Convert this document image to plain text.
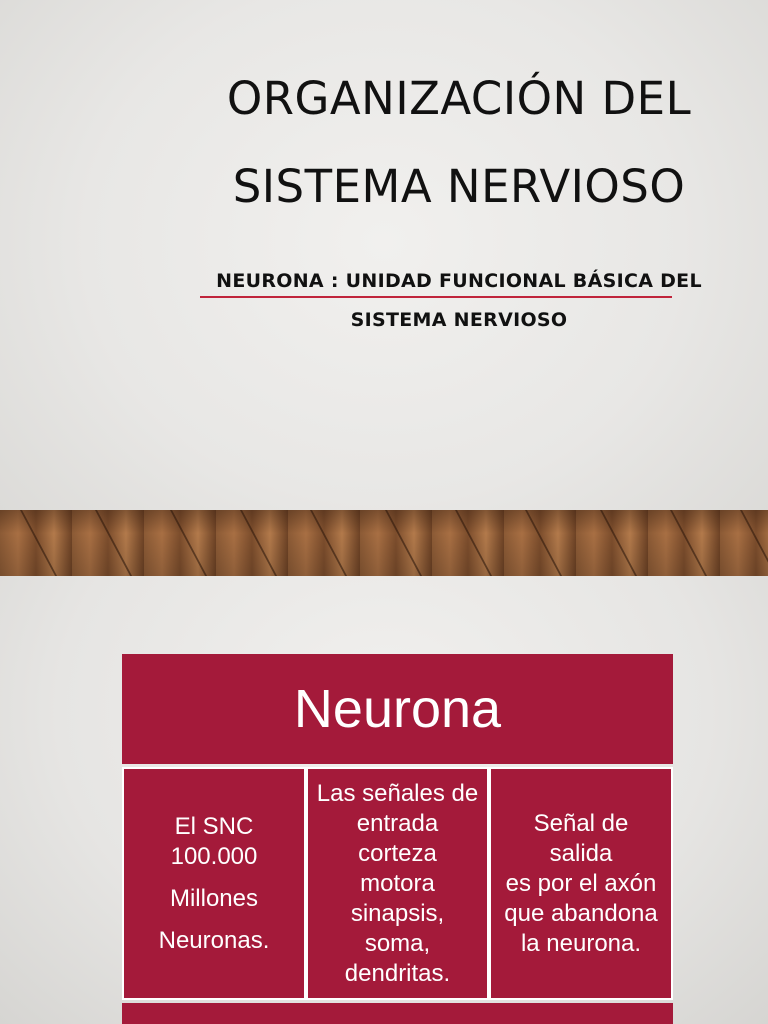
ORGANIZACIÓN DEL
SISTEMA NERVIOSO
NEURONA : UNIDAD FUNCIONAL BÁSICA DEL
SISTEMA NERVIOSO
Neurona

El SNC
100.000
Millones
Neuronas.

Las señales de
entrada
corteza
motora
sinapsis, soma,
dendritas.

Señal de salida
es por el axón
que abandona
la neurona.
